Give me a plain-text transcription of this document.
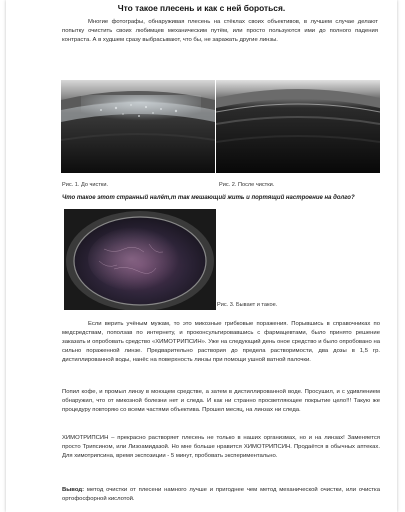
Что такое плесень и как с ней бороться.
Многие фотографы, обнаруживая плесень на стёклах своих объективов, в лучшем случае делают попытку очистить своих любимцев механическим путём, или просто пользуются ими до полного падения контраста. А в худшем сразу выбрасывают, что бы, не заражать другие линзы.
Рис. 1. До чистки.	Рис. 2. После чистки.
Что такое этот странный налёт,т так мешающий жить и портящий настроение на долго?
Рис. 3. Бывает и такое.
Если верить учёным мужам, то это микозные грибковые поражения. Порывшись в справочниках по медсредствам, поползав по интернету, и проконсультировавшись с фармацевтами, было принято решение заказать и опробовать средство «ХИМОТРИПСИН». Уже на следующий день оное средство и было опробовано на сильно пораженной линзе. Предварительно раствория до предела растворимости, два дозы в 1,5 гр. дистиллированной воды, нанёс на поверхность линзы при помощи ушной ватной палочки.
Попил кофе, и промыл линзу в моющем средстве, а затем в дистиллированной воде. Просушил, и с удивлением обнаружил, что от микозной болезни нет и следа. И как ни странно просветляющее покрытие цело!!! Такую же процедуру повторяю со всеми частями объектива. Прошел месяц, на линзах ни следа.
ХИМОТРИПСИН – прекрасно растворяет плесень не только в наших организмах, но и на линзах! Заменяется просто Трипсином, или Лизоамидазой. Но мне больше нравится ХИМОТРИПСИН. Продаётся в обычных аптеках. Для химотрипсина, время экспозиции - 5 минут, пробовать экспериментально.
Вывод: метод очистки от плесени намного лучше и пригоднее чем метод механической очистки, или очистка ортофосфорной кислотой.
